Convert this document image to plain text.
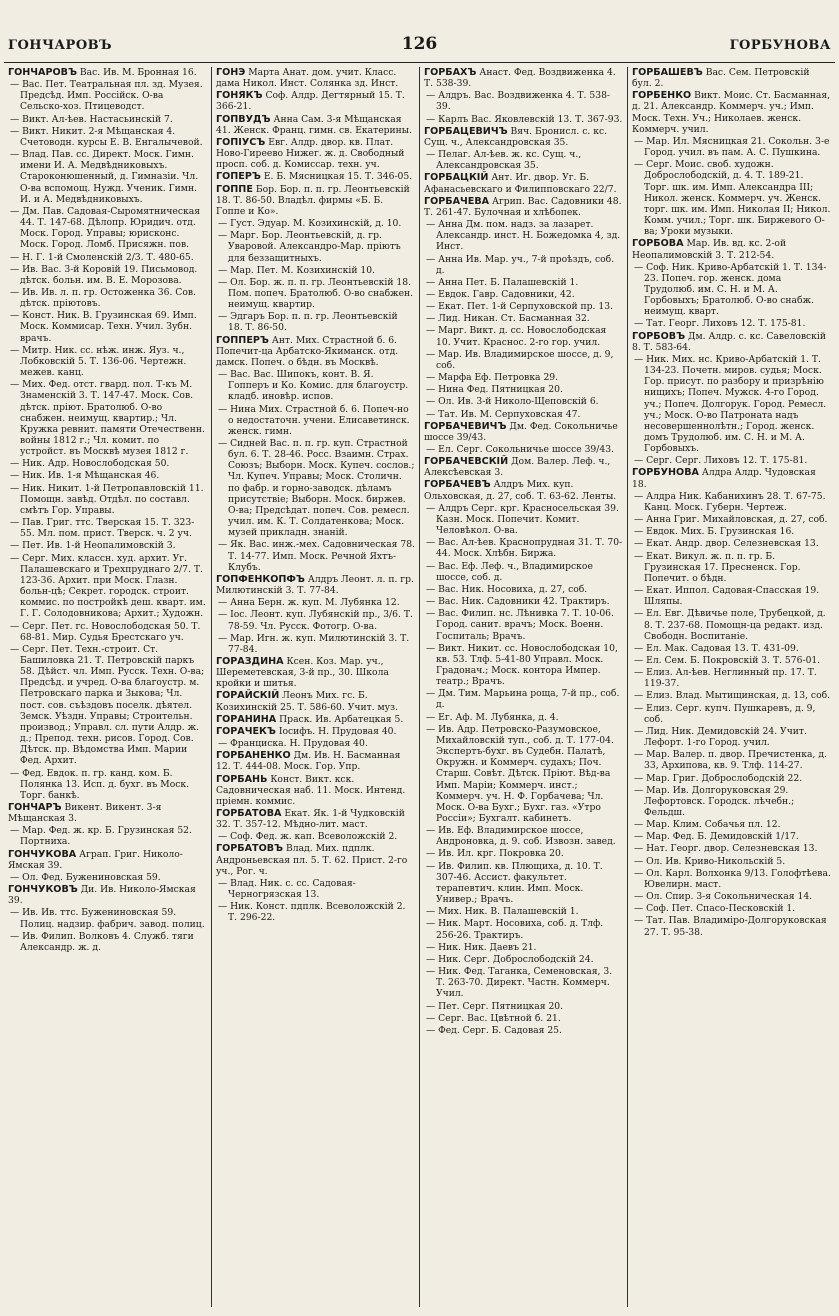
ГОНЧАРОВЪ	126	ГОРБУНОВА

ГОНЧАРОВЪ Вас. Ив. М. Бронная 16.

— Вас. Пет. Театральная пл. зд. Музея. Предсѣд. Имп. Россійск. О-ва Сельско-хоз. Птицеводст.

— Викт. Ал-ѣев. Настасьинскій 7.

— Викт. Никит. 2-я Мѣщанская 4. Счетоводн. курсы Е. В. Енгалычевой.

— Влад. Пав. сс. Директ. Моск. Гимн. имени И. А. Медвѣдниковыхъ. Староконюшенный, д. Гимназіи. Чл. О-ва вспомощ. Нужд. Ученик. Гимн. И. и А. Медвѣдниковыхъ.

— Дм. Пав. Садовая-Сыромятническая 44. Т. 147-68. Дѣлопр. Юридич. отд. Моск. Город. Управы; юрисконс. Моск. Город. Ломб. Присяжн. пов.

— Н. Г. 1-й Смоленскій 2/3. Т. 480-65.

— Ив. Вас. 3-й Коровій 19. Письмовод. дѣтск. больн. им. В. Е. Морозова.

— Ив. Ив. л. п. гр. Остоженка 36. Сов. дѣтск. пріютовъ.

— Конст. Ник. В. Грузинская 69. Имп. Моск. Коммисар. Техн. Учил. Зубн. врачъ.

— Митр. Ник. сс. нѣж. инж. Яуз. ч., Лобковскій 5. Т. 136-06. Чертежн. межев. канц.

— Мих. Фед. отст. гвард. пол. Т-къ М. Знаменскій 3. Т. 147-47. Моск. Сов. дѣтск. пріют. Братолюб. О-во снабжен. неимущ. квартир.; Чл. Кружка ревнит. памяти Отечественн. войны 1812 г.; Чл. комит. по устройст. въ Москвѣ музея 1812 г.

— Ник. Адр. Новослободская 50.

— Ник. Ив. 1-я Мѣщанская 46.

— Ник. Никит. 1-й Петропавловскій 11. Помощн. завѣд. Отдѣл. по составл. смѣтъ Гор. Управы.

— Пав. Григ. ттс. Тверская 15. Т. 323-55. Мл. пом. прист. Тверск. ч. 2 уч.

— Пет. Ив. 1-й Неопалимовскій 3.

— Серг. Мих. классн. худ. архит. Уг. Палашевскаго и Трехпруднаго 2/7. Т. 123-36. Архит. при Моск. Глазн. больн-цѣ; Секрет. городск. строит. коммис. по постройкѣ деш. кварт. им. Г. Г. Солодовникова; Архит.; Художн.

— Серг. Пет. гс. Новослободская 50. Т. 68-81. Мир. Судья Брестскаго уч.

— Серг. Пет. Техн.-строит. Ст. Башиловка 21. Т. Петровскій паркъ 58. Дѣйст. чл. Имп. Русск. Техн. О-ва; Предсѣд. и учред. О-ва благоустр. м. Петровскаго парка и Зыкова; Чл. пост. сов. съѣздовъ поселк. дѣятел. Земск. Уѣздн. Управы; Строительн. производ.; Управл. сл. пути Алдр. ж. д.; Препод. техн. рисов. Город. Сов. Дѣтск. пр. Вѣдомства Имп. Марии Фед. Архит.

— Фед. Евдок. п. гр. канд. ком. Б. Полянка 13. Исп. д. бухг. въ Моск. Торг. банкѣ.

ГОНЧАРЪ Викент. Викент. 3-я Мѣщанская 3.

— Мар. Фед. ж. кр. Б. Грузинская 52. Портниха.

ГОНЧУКОВА Аграп. Григ. Николо-Ямская 39.

— Ол. Фед. Бужениновская 59.

ГОНЧУКОВЪ Ди. Ив. Николо-Ямская 39.

— Ив. Ив. ттс. Бужениновская 59. Полиц. надзир. фабрич. завод. полиц.

— Ив. Филип. Волковъ 4. Служб. тяги Александр. ж. д.

ГОНЭ Марта Анат. дом. учит. Класс. дама Никол. Инст. Солянка зд. Инст.

ГОНЯКЪ Соф. Алдр. Дегтярный 15. Т. 366-21.

ГОПВУДЪ Анна Сам. 3-я Мѣщанская 41. Женск. Франц. гимн. св. Екатерины.

ГОПІУСЪ Евг. Алдр. двор. кв. Плат. Ново-Гиреево Нижег. ж. д. Свободный просп. соб. д. Комиссар. техн. уч.

ГОПЕРЪ Е. Б. Мясницкая 15. Т. 346-05.

ГОППЕ Бор. Бор. п. п. гр. Леонтьевскій 18. Т. 86-50. Владѣл. фирмы «Б. Б. Гоппе и Ко».

— Густ. Эдуар. М. Козихинскій, д. 10.

— Марг. Бор. Леонтьевскій, д. гр. Уваровой. Александро-Мар. пріютъ для беззащитныхъ.

— Мар. Пет. М. Козихинскій 10.

— Ол. Бор. ж. п. п. гр. Леонтьевскій 18. Пом. попеч. Братолюб. О-во снабжен. неимущ. квартир.

— Эдгаръ Бор. п. п. гр. Леонтьевскій 18. Т. 86-50.

ГОППЕРЪ Ант. Мих. Страстной б. 6. Попечит-ца Арбатско-Якиманск. отд. дамск. Попеч. о бѣдн. въ Москвѣ.

— Вас. Вас. Шипокъ, конт. В. Я. Гопперъ и Ко. Комис. для благоустр. кладб. иновѣр. испов.

— Нина Мих. Страстной б. 6. Попеч-но о недостаточн. учени. Елисаветинск. женск. гимн.

— Сидней Вас. п. п. гр. куп. Страстной бул. 6. Т. 28-46. Росс. Взаимн. Страх. Союзъ; Выборн. Моск. Купеч. сослов.; Чл. Купеч. Управы; Моск. Столичн. по фабр. и горно-заводск. дѣламъ присутствіе; Выборн. Моск. биржев. О-ва; Предсѣдат. попеч. Сов. ремесл. учил. им. К. Т. Солдатенкова; Моск. музей прикладн. знаній.

— Як. Вас. инж.-мех. Садовническая 78. Т. 14-77. Имп. Моск. Речной Яхтъ-Клубъ.

ГОПФЕНКОПФЪ Алдръ Леонт. л. п. гр. Милютинскій 3. Т. 77-84.

— Анна Берн. ж. куп. М. Лубянка 12.

— Іос. Леонт. куп. Лубянскій пр., 3/6. Т. 78-59. Чл. Русск. Фотогр. О-ва.

— Мар. Игн. ж. куп. Милютинскій 3. Т. 77-84.

ГОРАЗДИНА Ксен. Коз. Мар. уч., Шереметевская, 3-й пр., 30. Школа кройки и шитья.

ГОРАЙСКІЙ Леонъ Мих. гс. Б. Козихинскій 25. Т. 586-60. Учит. муз.

ГОРАНИНА Праск. Ив. Арбатецкая 5.

ГОРАЧЕКЪ Іосифъ. Н. Прудовая 40.

— Франциска. Н. Прудовая 40.

ГОРБАНЕНКО Дм. Ив. Н. Басманная 12. Т. 444-08. Моск. Гор. Упр.

ГОРБАНЬ Конст. Викт. кск. Садовническая наб. 11. Моск. Интенд. пріемн. коммис.

ГОРБАТОВА Екат. Як. 1-й Чудковскій 32. Т. 357-12. Мѣдно-лит. маст.

— Соф. Фед. ж. кап. Всеволожскій 2.

ГОРБАТОВЪ Влад. Мих. пдплк. Андроньевская пл. 5. Т. 62. Прист. 2-го уч., Рог. ч.

— Влад. Ник. с. сс. Садовая-Черногрязская 13.

— Ник. Конст. пдплк. Всеволожскій 2. Т. 296-22.

ГОРБАХЪ Анаст. Фед. Воздвиженка 4. Т. 538-39.

— Алдръ. Вас. Воздвиженка 4. Т. 538-39.

— Карлъ Вас. Яковлевскій 13. Т. 367-93.

ГОРБАЦЕВИЧЪ Вяч. Бронисл. с. кс. Сущ. ч., Александровская 35.

— Пелаг. Ал-ѣев. ж. кс. Сущ. ч., Александровская 35.

ГОРБАЦКІЙ Ант. Иг. двор. Уг. Б. Афанасьевскаго и Филипповскаго 22/7.

ГОРБАЧЕВА Агрип. Вас. Садовники 48. Т. 261-47. Булочная и хлѣбопек.

— Анна Дм. пом. надз. за лазарет. Александр. инст. Н. Божедомка 4, зд. Инст.

— Анна Ив. Мар. уч., 7-й проѣздъ, соб. д.

— Анна Пет. Б. Палашевскій 1.

— Евдок. Гавр. Садовники, 42.

— Екат. Пет. 1-й Серпуховской пр. 13.

— Лид. Никан. Ст. Басманная 32.

— Марг. Викт. д. сс. Новослободская 10. Учит. Краснос. 2-го гор. учил.

— Мар. Ив. Владимирское шоссе, д. 9, соб.

— Марфа Еф. Петровка 29.

— Нина Фед. Пятницкая 20.

— Ол. Ив. 3-й Николо-Щеповскій 6.

— Тат. Ив. М. Серпуховская 47.

ГОРБАЧЕВИЧЪ Дм. Фед. Сокольничье шоссе 39/43.

— Ел. Серг. Сокольничье шоссе 39/43.

ГОРБАЧЕВСКІЙ Дом. Валер. Леф. ч., Алексѣевская 3.

ГОРБАЧЕВЪ Алдръ Мих. куп. Ольховская, д. 27, соб. Т. 63-62. Ленты.

— Алдръ Серг. крг. Красносельская 39. Казн. Моск. Попечит. Комит. Человѣкол. О-ва.

— Вас. Ал-ѣев. Краснопрудная 31. Т. 70-44. Моск. Хлѣбн. Биржа.

— Вас. Еф. Леф. ч., Владимирское шоссе, соб. д.

— Вас. Ник. Носовиха, д. 27, соб.

— Вас. Ник. Садовники 42. Трактиръ.

— Вас. Филип. нс. Лѣнивка 7. Т. 10-06. Город. санит. врачъ; Моск. Военн. Госпиталь; Врачъ.

— Викт. Никит. сс. Новослободская 10, кв. 53. Тлф. 5-41-80 Управл. Моск. Градонач.; Моск. контора Импер. театр.; Врачъ.

— Дм. Тим. Марьина роща, 7-й пр., соб. д.

— Ег. Аф. М. Лубянка, д. 4.

— Ив. Адр. Петровско-Разумовское, Михайловскій туп., соб. д. Т. 177-04. Экспертъ-бухг. въ Судебн. Палатѣ, Окружн. и Коммерч. судахъ; Поч. Старш. Совѣт. Дѣтск. Пріют. Вѣд-ва Имп. Маріи; Коммерч. инст.; Коммерч. уч. Н. Ф. Горбачева; Чл. Моск. О-ва Бухг.; Бухг. газ. «Утро Россіи»; Бухгалт. кабинетъ.

— Ив. Еф. Владимирское шоссе, Андроновка, д. 9. соб. Извозн. завед.

— Ив. Ил. крг. Покровка 20.

— Ив. Филип. кв. Плющиха, д. 10. Т. 307-46. Ассист. факультет. терапевтич. клин. Имп. Моск. Универ.; Врачъ.

— Мих. Ник. В. Палашевскій 1.

— Ник. Март. Носовиха, соб. д. Тлф. 256-26. Трактиръ.

— Ник. Ник. Даевъ 21.

— Ник. Серг. Доброслободскій 24.

— Ник. Фед. Таганка, Семеновская, 3. Т. 263-70. Директ. Частн. Коммерч. Учил.

— Пет. Серг. Пятницкая 20.

— Серг. Вас. Цвѣтной б. 21.

— Фед. Серг. Б. Садовая 25.

ГОРБАШЕВЪ Вас. Сем. Петровскій бул. 2.

ГОРБЕНКО Викт. Моис. Ст. Басманная, д. 21. Александр. Коммерч. уч.; Имп. Моск. Техн. Уч.; Николаев. женск. Коммерч. учил.

— Мар. Ил. Мясницкая 21. Сокольн. 3-е Город. учил. въ пам. А. С. Пушкина.

— Серг. Моис. своб. художн. Доброслободскій, д. 4. Т. 189-21. Торг. шк. им. Имп. Александра ІІІ; Никол. женск. Коммерч. уч. Женск. торг. шк. им. Имп. Николая ІІ; Никол. Комм. учил.; Торг. шк. Биржевого О-ва; Уроки музыки.

ГОРБОВА Мар. Ив. вд. кс. 2-ой Неопалимовскій 3. Т. 212-54.

— Соф. Ник. Криво-Арбатскій 1. Т. 134-23. Попеч. гор. женск. дома Трудолюб. им. С. Н. и М. А. Горбовыхъ; Братолюб. О-во снабж. неимущ. кварт.

— Тат. Георг. Лиховъ 12. Т. 175-81.

ГОРБОВЪ Дм. Алдр. с. кс. Савеловскій 8. Т. 583-64.

— Ник. Мих. нс. Криво-Арбатскій 1. Т. 134-23. Почетн. миров. судья; Моск. Гор. присут. по разбору и призрѣнію нищихъ; Попеч. Мужск. 4-го Город. уч.; Попеч. Долгорук. Город. Ремесл. уч.; Моск. О-во Патроната надъ несовершеннолѣтн.; Город. женск. домъ Трудолюб. им. С. Н. и М. А. Горбовыхъ.

— Серг. Серг. Лиховъ 12. Т. 175-81.

ГОРБУНОВА Алдра Алдр. Чудовская 18.

— Алдра Ник. Кабанихинъ 28. Т. 67-75. Канц. Моск. Губерн. Чертеж.

— Анна Григ. Михайловская, д. 27, соб.

— Евдок. Мих. Б. Грузинская 16.

— Екат. Андр. двор. Селезневская 13.

— Екат. Викул. ж. п. п. гр. Б. Грузинская 17. Пресненск. Гор. Попечит. о бѣдн.

— Екат. Иппол. Садовая-Спасская 19. Шляпы.

— Ел. Евг. Дѣвичье поле, Трубецкой, д. 8. Т. 237-68. Помощн-ца редакт. изд. Свободн. Воспитаніе.

— Ел. Мак. Садовая 13. Т. 431-09.

— Ел. Сем. Б. Покровскій 3. Т. 576-01.

— Елиз. Ал-ѣев. Неглинный пр. 17. Т. 119-37.

— Елиз. Влад. Мытищинская, д. 13, соб.

— Елиз. Серг. купч. Пушкаревъ, д. 9, соб.

— Лид. Ник. Демидовскій 24. Учит. Лефорт. 1-го Город. учил.

— Мар. Валер. п. двор. Пречистенка, д. 33, Архипова, кв. 9. Тлф. 114-27.

— Мар. Григ. Доброслободскій 22.

— Мар. Ив. Долгоруковская 29. Лефортовск. Городск. лѣчебн.; Фельдш.

— Мар. Клим. Собачья пл. 12.

— Мар. Фед. Б. Демидовскій 1/17.

— Нат. Георг. двор. Селезневская 13.

— Ол. Ив. Криво-Никольскій 5.

— Ол. Карл. Волхонка 9/13. Голофтѣева. Ювелирн. маст.

— Ол. Спир. 3-я Сокольническая 14.

— Соф. Пет. Спасо-Песковскій 1.

— Тат. Пав. Владиміро-Долгоруковская 27. Т. 95-38.
